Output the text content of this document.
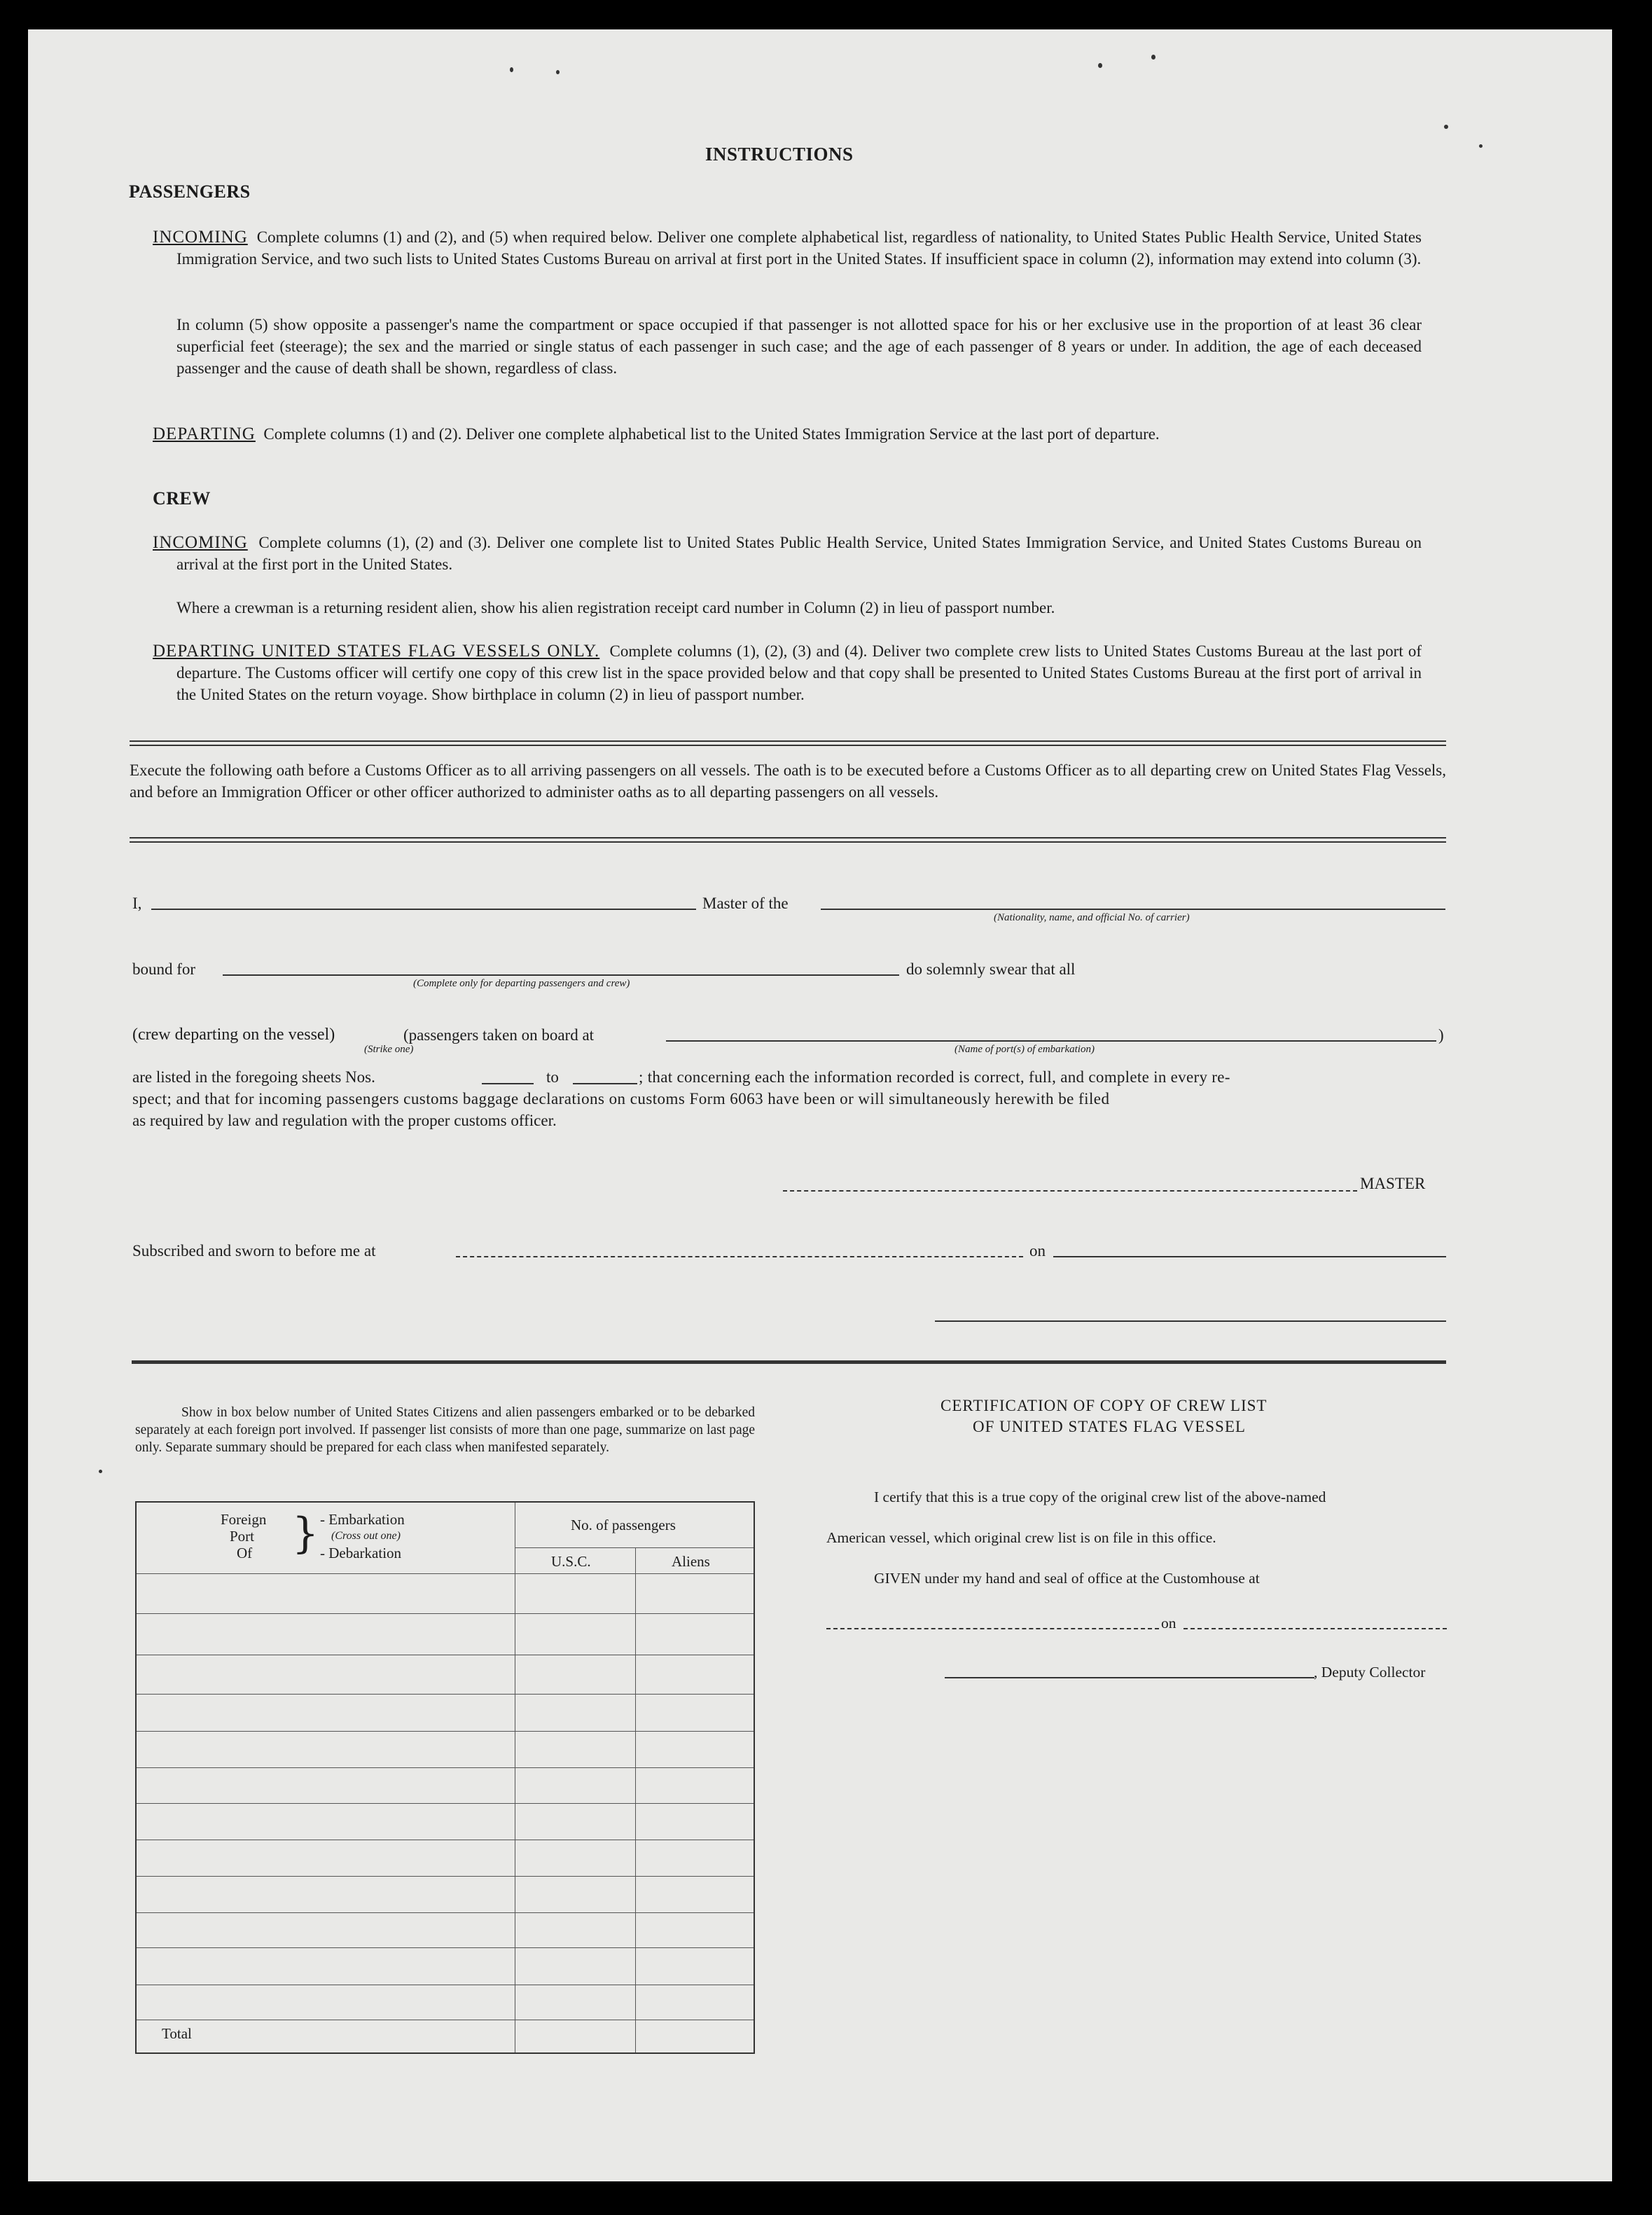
INSTRUCTIONS
PASSENGERS

INCOMING Complete columns (1) and (2), and (5) when required below. Deliver one complete alphabetical list, regardless of nationality, to United States Public Health Service, United States Immigration Service, and two such lists to United States Customs Bureau on arrival at first port in the United States. If insufficient space in column (2), information may extend into column (3).

In column (5) show opposite a passenger's name the compartment or space occupied if that passenger is not allotted space for his or her exclusive use in the proportion of at least 36 clear superficial feet (steerage); the sex and the married or single status of each passenger in such case; and the age of each passenger of 8 years or under. In addition, the age of each deceased passenger and the cause of death shall be shown, regardless of class.

DEPARTING Complete columns (1) and (2). Deliver one complete alphabetical list to the United States Immigration Service at the last port of departure.

CREW

INCOMING Complete columns (1), (2) and (3). Deliver one complete list to United States Public Health Service, United States Immigration Service, and United States Customs Bureau on arrival at the first port in the United States.

Where a crewman is a returning resident alien, show his alien registration receipt card number in Column (2) in lieu of passport number.

DEPARTING UNITED STATES FLAG VESSELS ONLY. Complete columns (1), (2), (3) and (4). Deliver two complete crew lists to United States Customs Bureau at the last port of departure. The Customs officer will certify one copy of this crew list in the space provided below and that copy shall be presented to United States Customs Bureau at the first port of arrival in the United States on the return voyage. Show birthplace in column (2) in lieu of passport number.

Execute the following oath before a Customs Officer as to all arriving passengers on all vessels. The oath is to be executed before a Customs Officer as to all departing crew on United States Flag Vessels, and before an Immigration Officer or other officer authorized to administer oaths as to all departing passengers on all vessels.

I,	Master of the
(Nationality, name, and official No. of carrier)
bound for
(Complete only for departing passengers and crew)
do solemnly swear that all
(crew departing on the vessel)
(Strike one)
(passengers taken on board at	)
(Name of port(s) of embarkation)
are listed in the foregoing sheets Nos.	to	; that concerning each the information recorded is correct, full, and complete in every re-
spect; and that for incoming passengers customs baggage declarations on customs Form 6063 have been or will simultaneously herewith be filed
as required by law and regulation with the proper customs officer.
MASTER
Subscribed and sworn to before me at	on

Show in box below number of United States Citizens and alien passengers embarked or to be debarked separately at each foreign port involved. If passenger list consists of more than one page, summarize on last page only. Separate summary should be prepared for each class when manifested separately.

Foreign
Port
Of } - Embarkation
(Cross out one)
- Debarkation
No. of passengers
U.S.C.	Aliens
Total
CERTIFICATION OF COPY OF CREW LIST
OF UNITED STATES FLAG VESSEL
I certify that this is a true copy of the original crew list of the above-named
American vessel, which original crew list is on file in this office.
GIVEN under my hand and seal of office at the Customhouse at
on
, Deputy Collector
